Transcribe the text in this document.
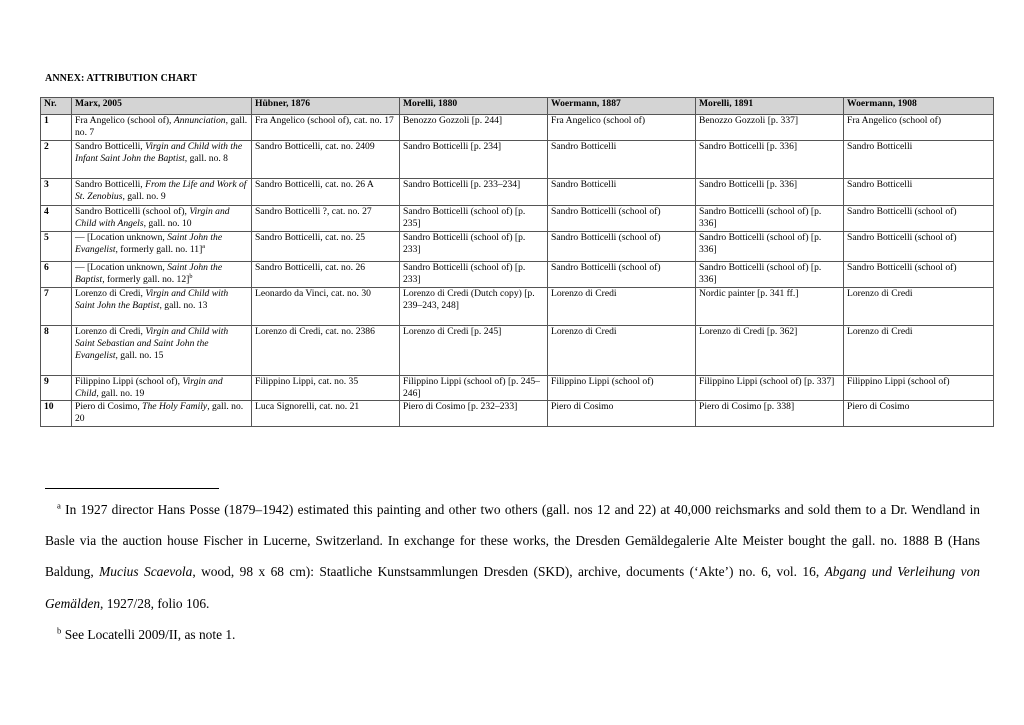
ANNEX: ATTRIBUTION CHART
Nr.	Marx, 2005	Hübner, 1876	Morelli, 1880	Woermann, 1887	Morelli, 1891	Woermann, 1908
1	Fra Angelico (school of), Annunciation, gall. no. 7	Fra Angelico (school of), cat. no. 17	Benozzo Gozzoli [p. 244]	Fra Angelico (school of)	Benozzo Gozzoli [p. 337]	Fra Angelico (school of)
2	Sandro Botticelli, Virgin and Child with the Infant Saint John the Baptist, gall. no. 8	Sandro Botticelli, cat. no. 2409	Sandro Botticelli [p. 234]	Sandro Botticelli	Sandro Botticelli [p. 336]	Sandro Botticelli
3	Sandro Botticelli, From the Life and Work of St. Zenobius, gall. no. 9	Sandro Botticelli, cat. no. 26 A	Sandro Botticelli [p. 233–234]	Sandro Botticelli	Sandro Botticelli [p. 336]	Sandro Botticelli
4	Sandro Botticelli (school of), Virgin and Child with Angels, gall. no. 10	Sandro Botticelli ?, cat. no. 27	Sandro Botticelli (school of) [p. 235]	Sandro Botticelli (school of)	Sandro Botticelli (school of) [p. 336]	Sandro Botticelli (school of)
5	— [Location unknown, Saint John the Evangelist, formerly gall. no. 11]$^a$	Sandro Botticelli, cat. no. 25	Sandro Botticelli (school of) [p. 233]	Sandro Botticelli (school of)	Sandro Botticelli (school of) [p. 336]	Sandro Botticelli (school of)
6	— [Location unknown, Saint John the Baptist, formerly gall. no. 12]$^b$	Sandro Botticelli, cat. no. 26	Sandro Botticelli (school of) [p. 233]	Sandro Botticelli (school of)	Sandro Botticelli (school of) [p. 336]	Sandro Botticelli (school of)
7	Lorenzo di Credi, Virgin and Child with Saint John the Baptist, gall. no. 13	Leonardo da Vinci, cat. no. 30	Lorenzo di Credi (Dutch copy) [p. 239–243, 248]	Lorenzo di Credi	Nordic painter [p. 341 ff.]	Lorenzo di Credi
8	Lorenzo di Credi, Virgin and Child with Saint Sebastian and Saint John the Evangelist, gall. no. 15	Lorenzo di Credi, cat. no. 2386	Lorenzo di Credi [p. 245]	Lorenzo di Credi	Lorenzo di Credi [p. 362]	Lorenzo di Credi
9	Filippino Lippi (school of), Virgin and Child, gall. no. 19	Filippino Lippi, cat. no. 35	Filippino Lippi (school of) [p. 245–246]	Filippino Lippi (school of)	Filippino Lippi (school of) [p. 337]	Filippino Lippi (school of)
10	Piero di Cosimo, The Holy Family, gall. no. 20	Luca Signorelli, cat. no. 21	Piero di Cosimo [p. 232–233]	Piero di Cosimo	Piero di Cosimo [p. 338]	Piero di Cosimo

$^a$ In 1927 director Hans Posse (1879–1942) estimated this painting and other two others (gall. nos 12 and 22) at 40,000 reichsmarks and sold them to a Dr. Wendland in Basle via the auction house Fischer in Lucerne, Switzerland. In exchange for these works, the Dresden Gemäldegalerie Alte Meister bought the gall. no. 1888 B (Hans Baldung, Mucius Scaevola, wood, 98 x 68 cm): Staatliche Kunstsammlungen Dresden (SKD), archive, documents (‘Akte’) no. 6, vol. 16, Abgang und Verleihung von Gemälden, 1927/28, folio 106.

$^b$ See Locatelli 2009/II, as note 1.
